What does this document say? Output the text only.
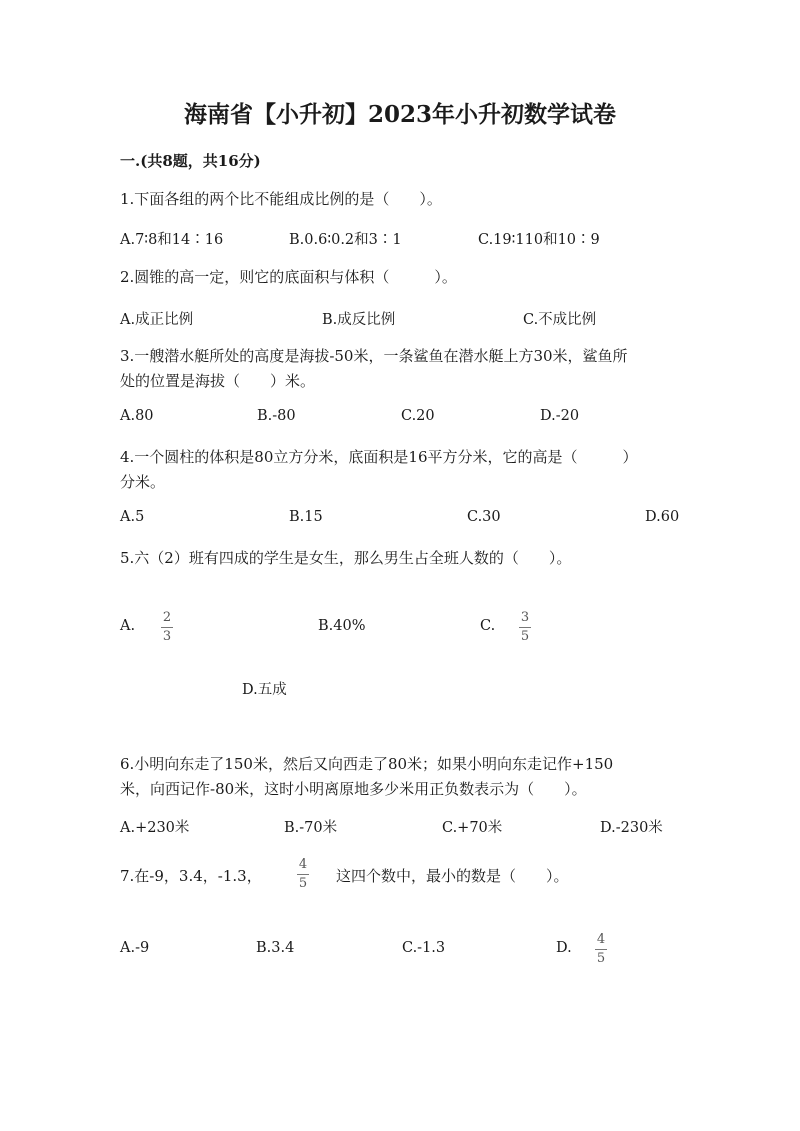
海南省【小升初】2023年小升初数学试卷
一.(共8题，共16分)
1.下面各组的两个比不能组成比例的是（　　）。
A.7∶8和14∶16	B.0.6∶0.2和3∶1	C.19∶110和10∶9
2.圆锥的高一定，则它的底面积与体积（　　　）。
A.成正比例	B.成反比例	C.不成比例
3.一艘潜水艇所处的高度是海拔-50米，一条鲨鱼在潜水艇上方30米，鲨鱼所
处的位置是海拔（　　）米。
A.80	B.-80	C.20	D.-20
4.一个圆柱的体积是80立方分米，底面积是16平方分米，它的高是（　　　）
分米。
A.5	B.15	C.30	D.60
5.六（2）班有四成的学生是女生，那么男生占全班人数的（　　）。
A.
2
3
B.40%	C.
3
5
D.五成
6.小明向东走了150米，然后又向西走了80米；如果小明向东走记作+150
米，向西记作-80米，这时小明离原地多少米用正负数表示为（　　）。
A.+230米	B.-70米	C.+70米	D.-230米
7.在-9，3.4，-1.3，
4
5 这四个数中，最小的数是（　　）。
A.-9	B.3.4	C.-1.3	D.
4
5
